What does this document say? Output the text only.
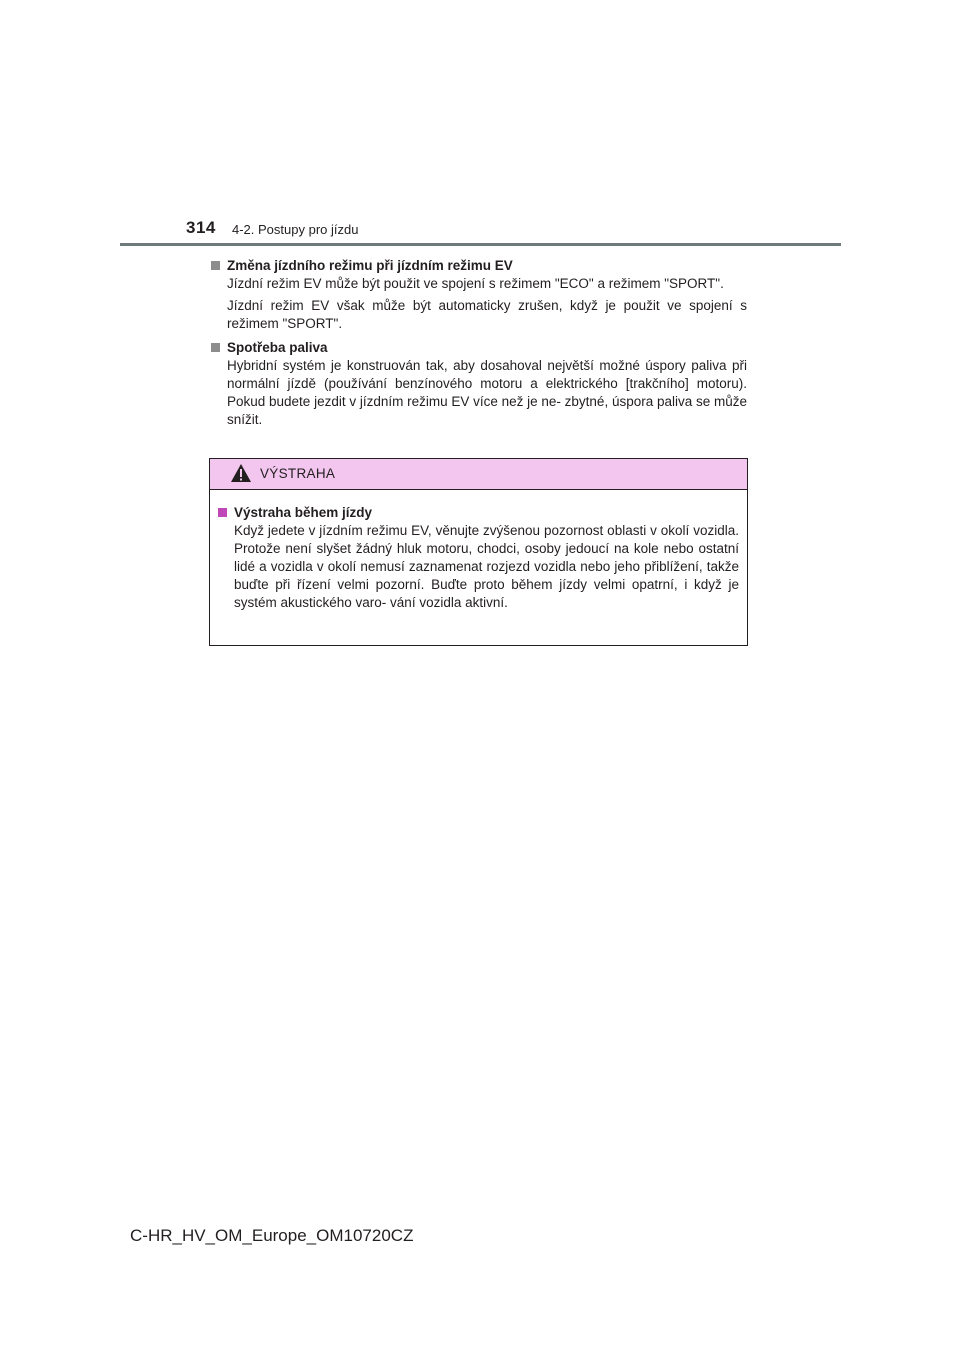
314 4-2. Postupy pro jízdu
Změna jízdního režimu při jízdním režimu EV

Jízdní režim EV může být použit ve spojení s režimem "ECO" a režimem "SPORT".

Jízdní režim EV však může být automaticky zrušen, když je použit ve spojení s režimem "SPORT".

Spotřeba paliva

Hybridní systém je konstruován tak, aby dosahoval největší možné úspory paliva při normální jízdě (používání benzínového motoru a elektrického [trakčního] motoru). Pokud budete jezdit v jízdním režimu EV více než je ne- zbytné, úspora paliva se může snížit.

VÝSTRAHA
Výstraha během jízdy

Když jedete v jízdním režimu EV, věnujte zvýšenou pozornost oblasti v okolí vozidla. Protože není slyšet žádný hluk motoru, chodci, osoby jedoucí na kole nebo ostatní lidé a vozidla v okolí nemusí zaznamenat rozjezd vozidla nebo jeho přiblížení, takže buďte při řízení velmi pozorní. Buďte proto během jízdy velmi opatrní, i když je systém akustického varo- vání vozidla aktivní.

C-HR_HV_OM_Europe_OM10720CZ
